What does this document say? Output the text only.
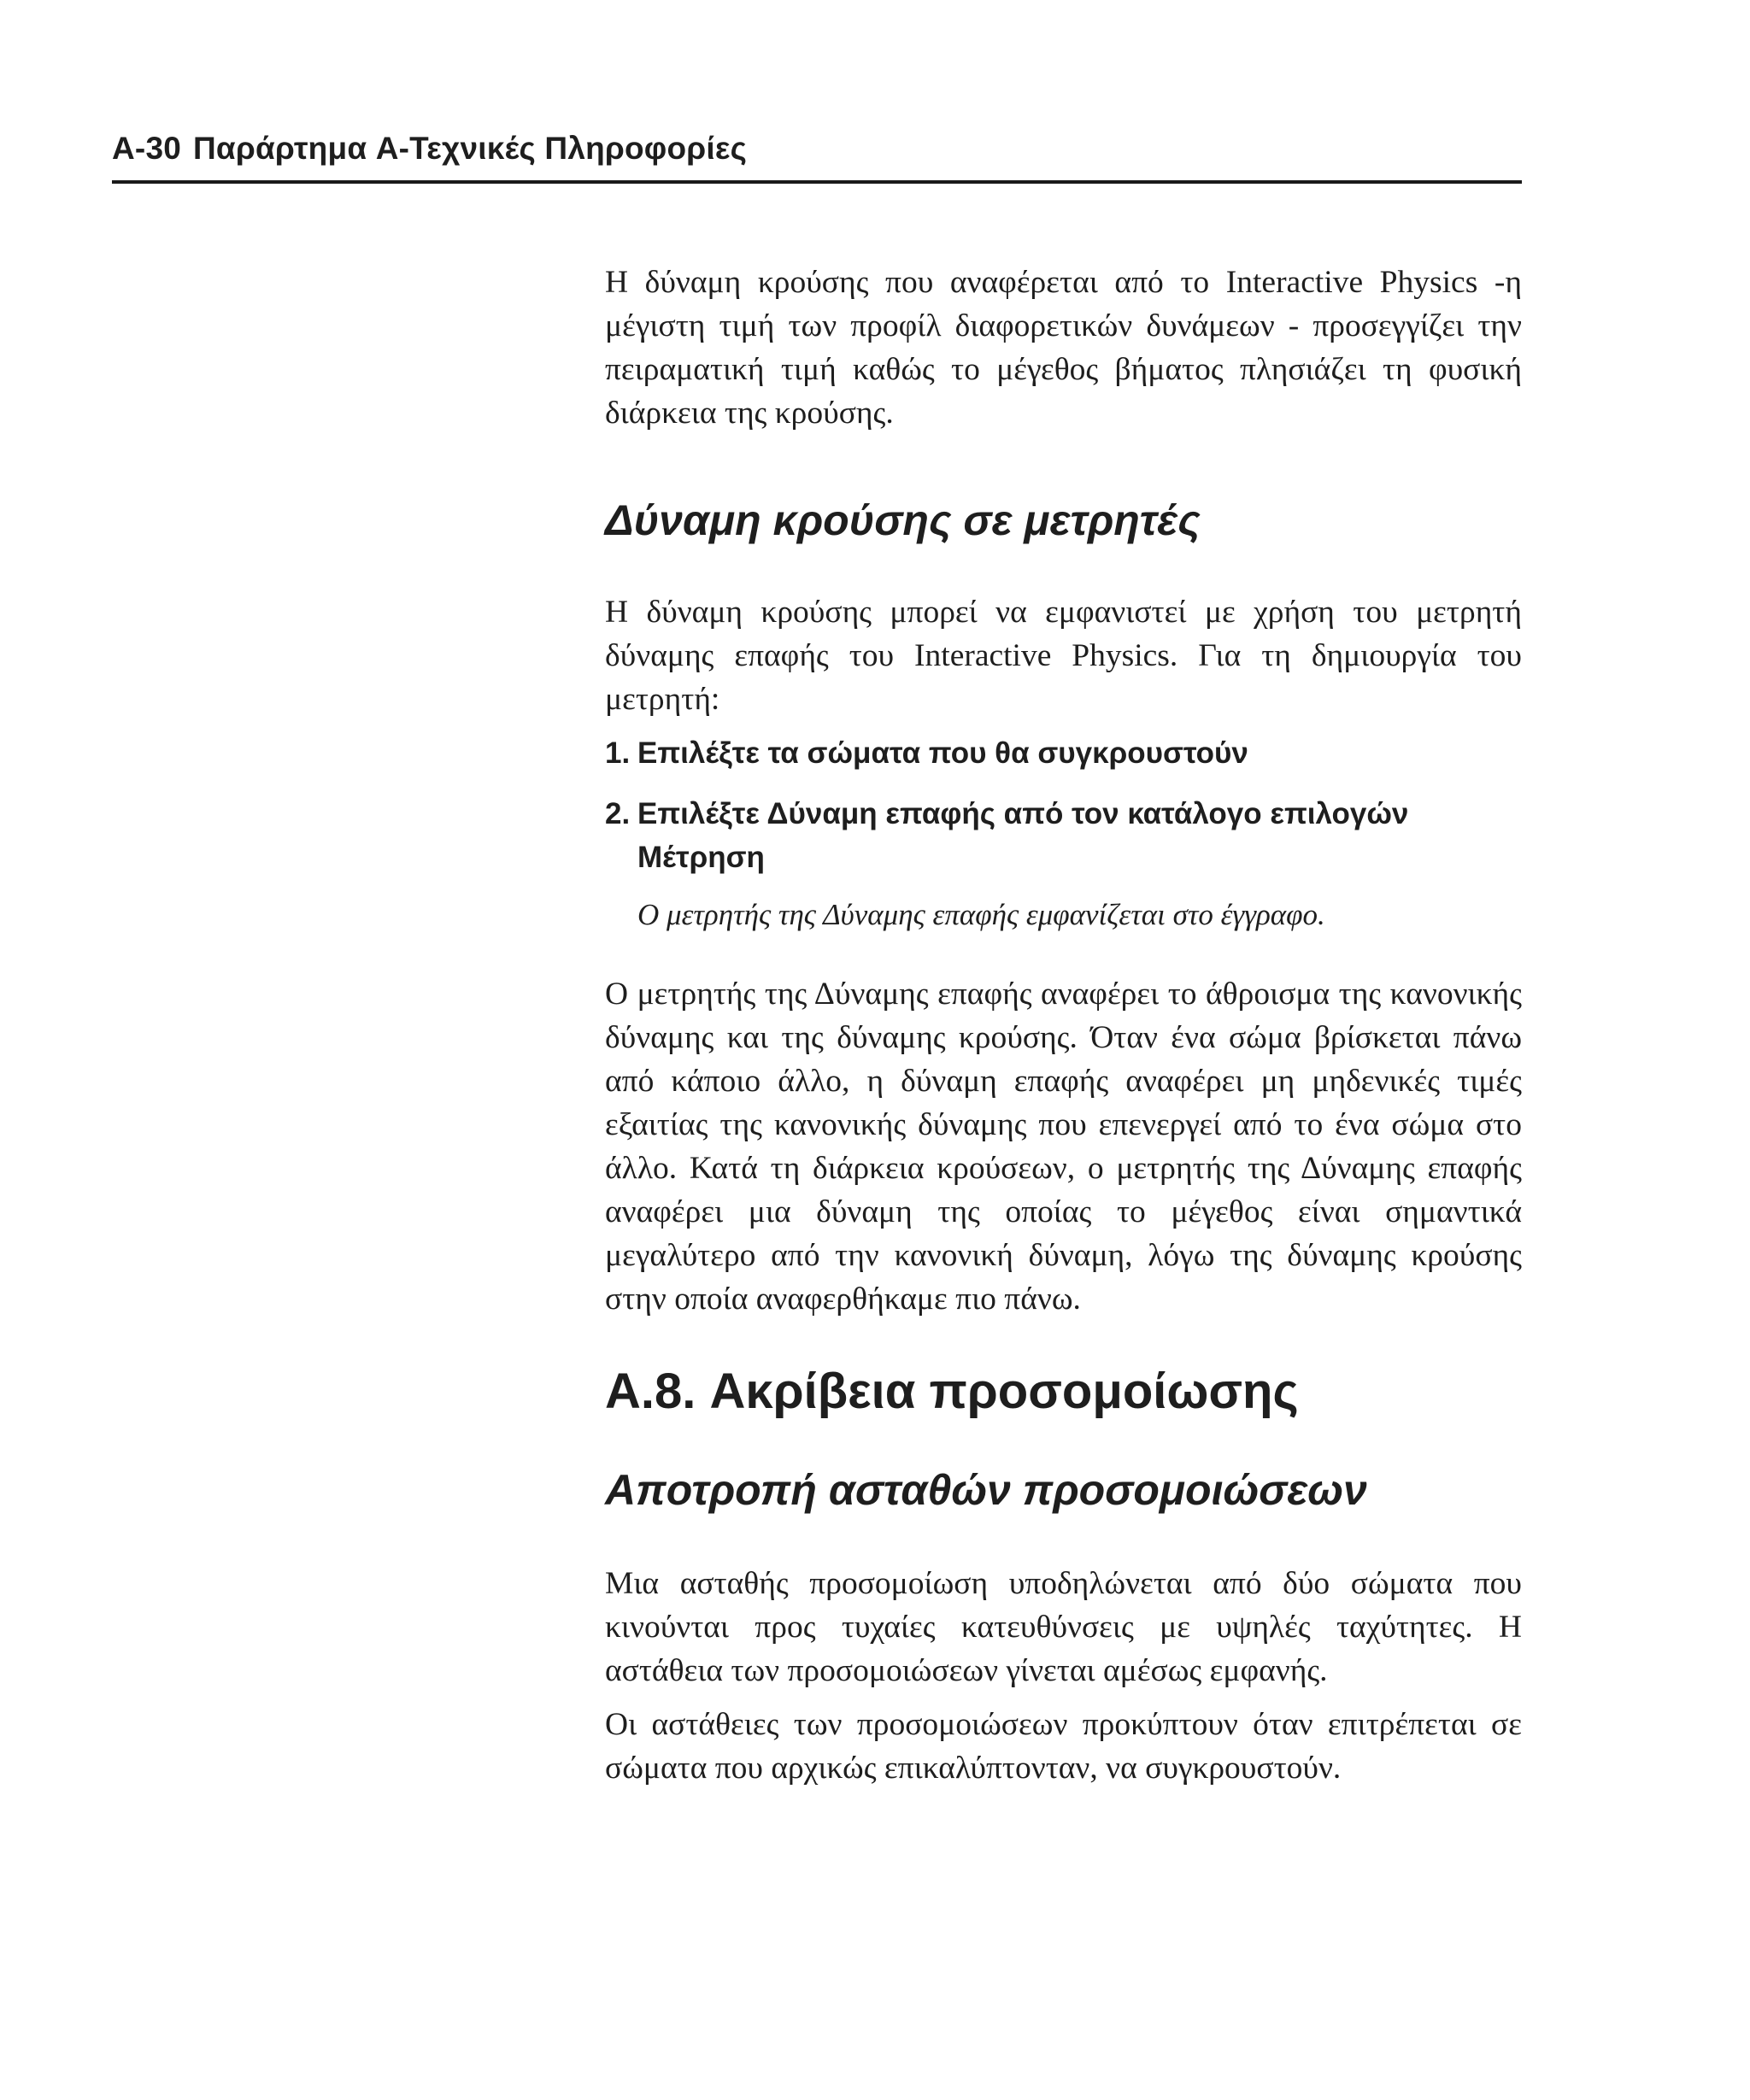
A-30 Παράρτημα A-Τεχνικές Πληροφορίες

Η δύναμη κρούσης που αναφέρεται από το Interactive Physics -η μέγιστη τιμή των προφίλ διαφορετικών δυνάμεων - προσεγγίζει την πειραματική τιμή καθώς το μέγεθος βήματος πλησιάζει τη φυσική διάρκεια της κρούσης.

Δύναμη κρούσης σε μετρητές

Η δύναμη κρούσης μπορεί να εμφανιστεί με χρήση του μετρητή δύναμης επαφής του Interactive Physics. Για τη δημιουργία του μετρητή:

1. Επιλέξτε τα σώματα που θα συγκρουστούν
2. Επιλέξτε Δύναμη επαφής από τον κατάλογο επιλογών Μέτρηση

Ο μετρητής της Δύναμης επαφής εμφανίζεται στο έγγραφο.

Ο μετρητής της Δύναμης επαφής αναφέρει το άθροισμα της κανονικής δύναμης και της δύναμης κρούσης. Όταν ένα σώμα βρίσκεται πάνω από κάποιο άλλο, η δύναμη επαφής αναφέρει μη μηδενικές τιμές εξαιτίας της κανονικής δύναμης που επενεργεί από το ένα σώμα στο άλλο. Κατά τη διάρκεια κρούσεων, ο μετρητής της Δύναμης επαφής αναφέρει μια δύναμη της οποίας το μέγεθος είναι σημαντικά μεγαλύτερο από την κανονική δύναμη, λόγω της δύναμης κρούσης στην οποία αναφερθήκαμε πιο πάνω.

A.8. Ακρίβεια προσομοίωσης
Αποτροπή ασταθών προσομοιώσεων

Μια ασταθής προσομοίωση υποδηλώνεται από δύο σώματα που κινούνται προς τυχαίες κατευθύνσεις με υψηλές ταχύτητες. Η αστάθεια των προσομοιώσεων γίνεται αμέσως εμφανής.

Οι αστάθειες των προσομοιώσεων προκύπτουν όταν επιτρέπεται σε σώματα που αρχικώς επικαλύπτονταν, να συγκρουστούν.
